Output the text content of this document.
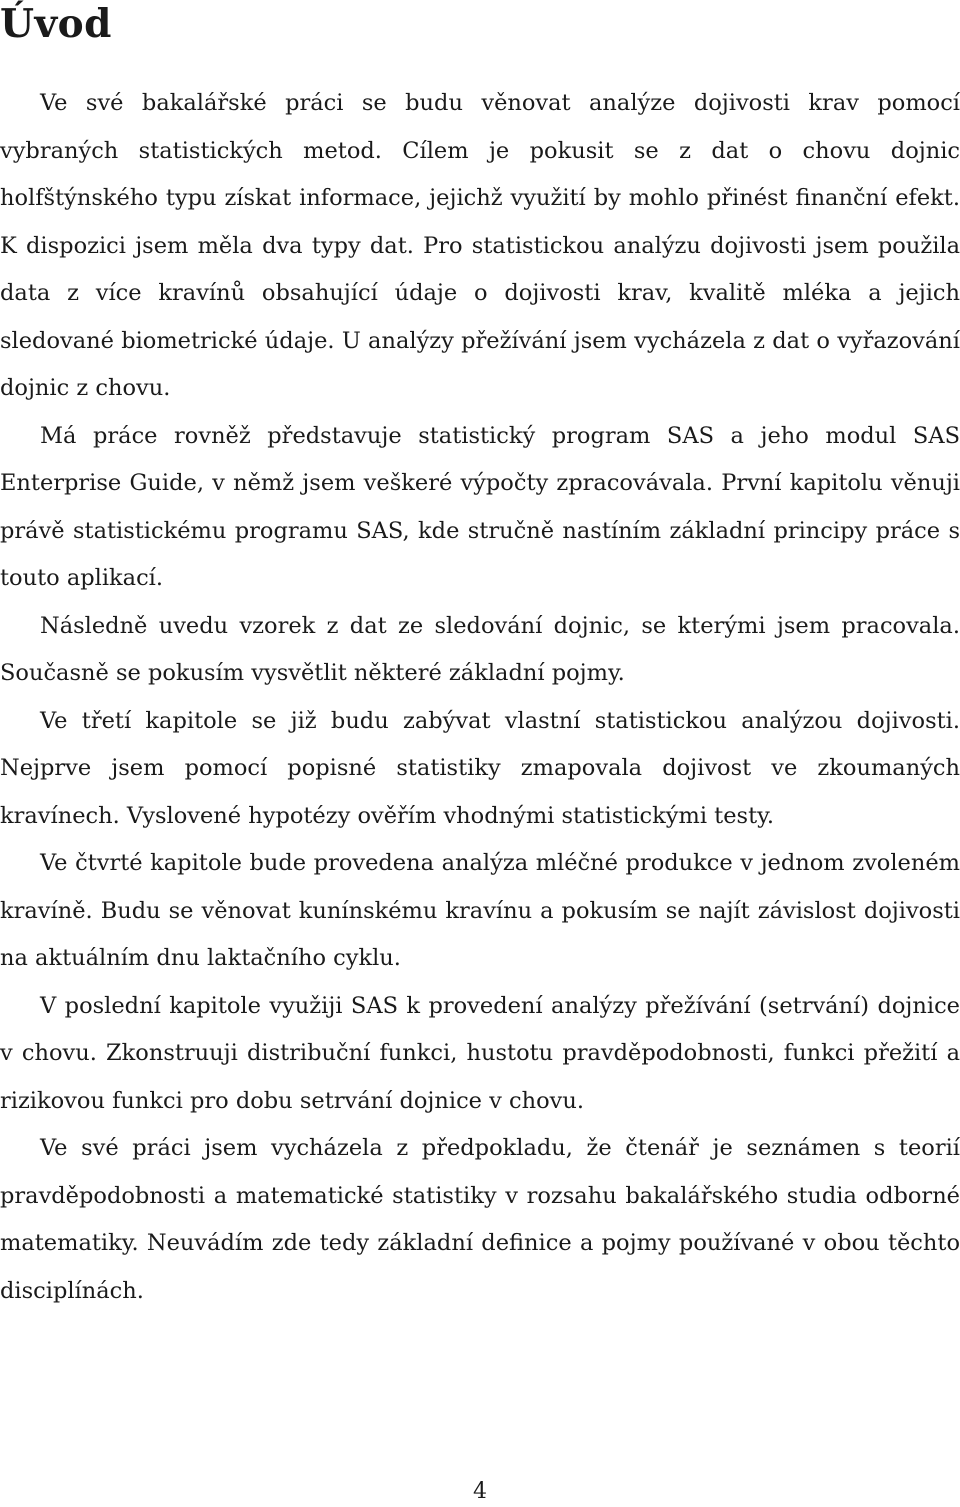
Úvod

Ve své bakalářské práci se budu věnovat analýze dojivosti krav pomocí vybraných statistických metod. Cílem je pokusit se z dat o chovu dojnic holfštýnského typu získat informace, jejichž využití by mohlo přinést finanční efekt. K dispozici jsem měla dva typy dat. Pro statistickou analýzu dojivosti jsem použila data z více kravínů obsahující údaje o dojivosti krav, kvalitě mléka a jejich sledované biometrické údaje. U analýzy přežívání jsem vycházela z dat o vyřazování dojnic z chovu.

Má práce rovněž představuje statistický program SAS a jeho modul SAS Enterprise Guide, v němž jsem veškeré výpočty zpracovávala. První kapitolu věnuji právě statistickému programu SAS, kde stručně nastíním základní principy práce s touto aplikací.

Následně uvedu vzorek z dat ze sledování dojnic, se kterými jsem pracovala. Současně se pokusím vysvětlit některé základní pojmy.

Ve třetí kapitole se již budu zabývat vlastní statistickou analýzou dojivosti. Nejprve jsem pomocí popisné statistiky zmapovala dojivost ve zkoumaných kravínech. Vyslovené hypotézy ověřím vhodnými statistickými testy.

Ve čtvrté kapitole bude provedena analýza mléčné produkce v jednom zvoleném kravíně. Budu se věnovat kunínskému kravínu a pokusím se najít závislost dojivosti na aktuálním dnu laktačního cyklu.

V poslední kapitole využiji SAS k provedení analýzy přežívání (setrvání) dojnice v chovu. Zkonstruuji distribuční funkci, hustotu pravděpodobnosti, funkci přežití a rizikovou funkci pro dobu setrvání dojnice v chovu.

Ve své práci jsem vycházela z předpokladu, že čtenář je seznámen s teorií pravděpodobnosti a matematické statistiky v rozsahu bakalářského studia odborné matematiky. Neuvádím zde tedy základní definice a pojmy používané v obou těchto disciplínách.

4
